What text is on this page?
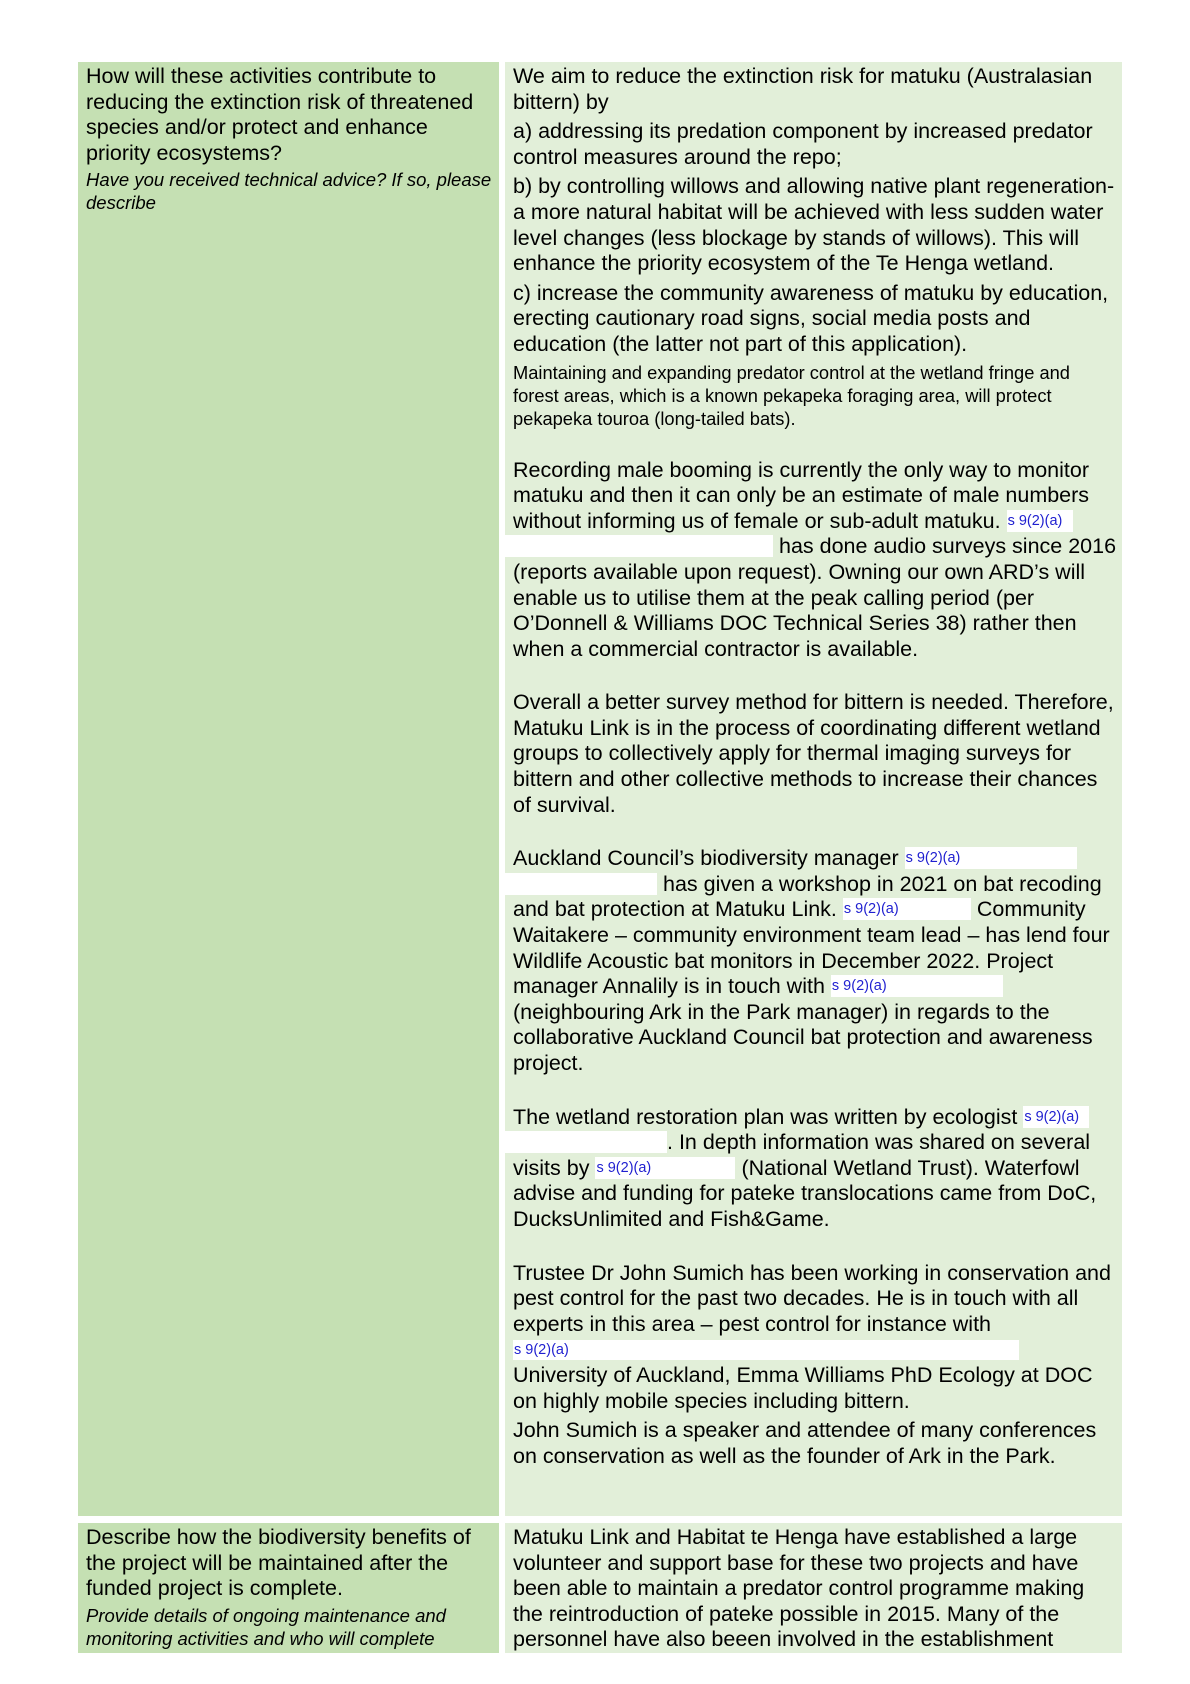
How will these activities contribute to reducing the extinction risk of threatened species and/or protect and enhance priority ecosystems?
Have you received technical advice? If so, please describe
We aim to reduce the extinction risk for matuku (Australasian bittern) by
a) addressing its predation component by increased predator control measures around the repo;
b) by controlling willows and allowing native plant regeneration- a more natural habitat will be achieved with less sudden water level changes (less blockage by stands of willows). This will enhance the priority ecosystem of the Te Henga wetland.
c) increase the community awareness of matuku by education, erecting cautionary road signs, social media posts and education (the latter not part of this application).
Maintaining and expanding predator control at the wetland fringe and forest areas, which is a known pekapeka foraging area, will protect pekapeka touroa (long-tailed bats).
Recording male booming is currently the only way to monitor matuku and then it can only be an estimate of male numbers without informing us of female or sub-adult matuku. s 9(2)(a)
has done audio surveys since 2016 (reports available upon request). Owning our own ARD’s will enable us to utilise them at the peak calling period (per O’Donnell & Williams DOC Technical Series 38) rather then when a commercial contractor is available.
Overall a better survey method for bittern is needed. Therefore, Matuku Link is in the process of coordinating different wetland groups to collectively apply for thermal imaging surveys for bittern and other collective methods to increase their chances of survival.
Auckland Council’s biodiversity manager s 9(2)(a)
has given a workshop in 2021 on bat recoding and bat protection at Matuku Link. s 9(2)(a)	Community Waitakere – community environment team lead – has lend four Wildlife Acoustic bat monitors in December 2022. Project manager Annalily is in touch with s 9(2)(a)
(neighbouring Ark in the Park manager) in regards to the collaborative Auckland Council bat protection and awareness project.
The wetland restoration plan was written by ecologist s 9(2)(a)
. In depth information was shared on several visits by s 9(2)(a)	(National Wetland Trust). Waterfowl advise and funding for pateke translocations came from DoC, DucksUnlimited and Fish&Game.
Trustee Dr John Sumich has been working in conservation and pest control for the past two decades. He is in touch with all experts in this area – pest control for instance with
s 9(2)(a)
University of Auckland, Emma Williams PhD Ecology at DOC on highly mobile species including bittern.
John Sumich is a speaker and attendee of many conferences on conservation as well as the founder of Ark in the Park.
Describe how the biodiversity benefits of the project will be maintained after the funded project is complete.
Provide details of ongoing maintenance and monitoring activities and who will complete
Matuku Link and Habitat te Henga have established a large volunteer and support base for these two projects and have been able to maintain a predator control programme making the reintroduction of pateke possible in 2015. Many of the personnel have also beeen involved in the establishment
